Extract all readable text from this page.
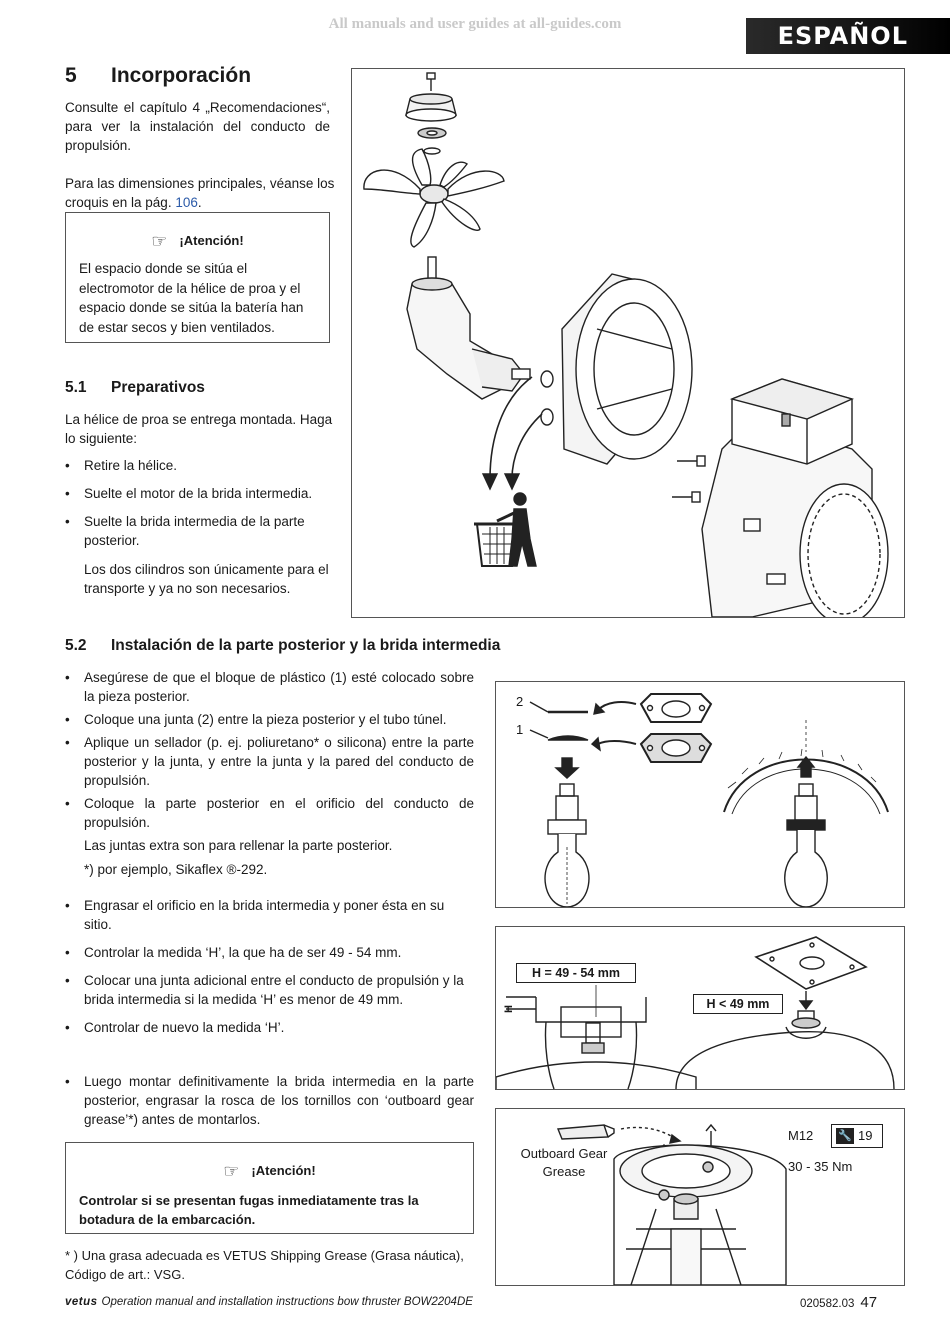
All manuals and user guides at all-guides.com	ESPAÑOL
5 Incorporación

Consulte el capítulo 4 „Recomendaciones“, para ver la instalación del conducto de propulsión.

Para las dimensiones principales, véanse los croquis en la pág. 106.

☞ ¡Atención!

El espacio donde se sitúa el electromotor de la hélice de proa y el espacio donde se sitúa la batería han de estar secos y bien ventilados.

5.1 Preparativos

La hélice de proa se entrega montada. Haga lo siguiente:

• Retire la hélice.
• Suelte el motor de la brida intermedia.
• Suelte la brida intermedia de la parte posterior.

Los dos cilindros son únicamente para el transporte y ya no son necesarios.

5.2 Instalación de la parte posterior y la brida intermedia
• Asegúrese de que el bloque de plástico (1) esté colocado sobre la pieza posterior.
• Coloque una junta (2) entre la pieza posterior y el tubo túnel.
• Aplique un sellador (p. ej. poliuretano* o silicona) entre la parte posterior y la junta, y entre la junta y la pared del conducto de propulsión.
• Coloque la parte posterior en el orificio del conducto de propulsión.

Las juntas extra son para rellenar la parte posterior.

*) por ejemplo, Sikaflex ®-292.

• Engrasar el orificio en la brida intermedia y poner ésta en su sitio.
• Controlar la medida ‘H’, la que ha de ser 49 - 54 mm.
• Colocar una junta adicional entre el conducto de propulsión y la brida intermedia si la medida ‘H’ es menor de 49 mm.
• Controlar de nuevo la medida ‘H’.
• Luego montar definitivamente la brida intermedia en la parte posterior, engrasar la rosca de los tornillos con ‘outboard gear grease’*) antes de montarlos.
☞ ¡Atención!

Controlar si se presentan fugas inmediatamente tras la botadura de la embarcación.

* ) Una grasa adecuada es VETUS Shipping Grease (Grasa náutica), Código de art.: VSG.

2
1
H = 49 - 54 mm
H < 49 mm
H
Outboard Gear
Grease
M12	🔧 19
30 - 35 Nm
vetus Operation manual and installation instructions bow thruster BOW2204DE	020582.03 47
